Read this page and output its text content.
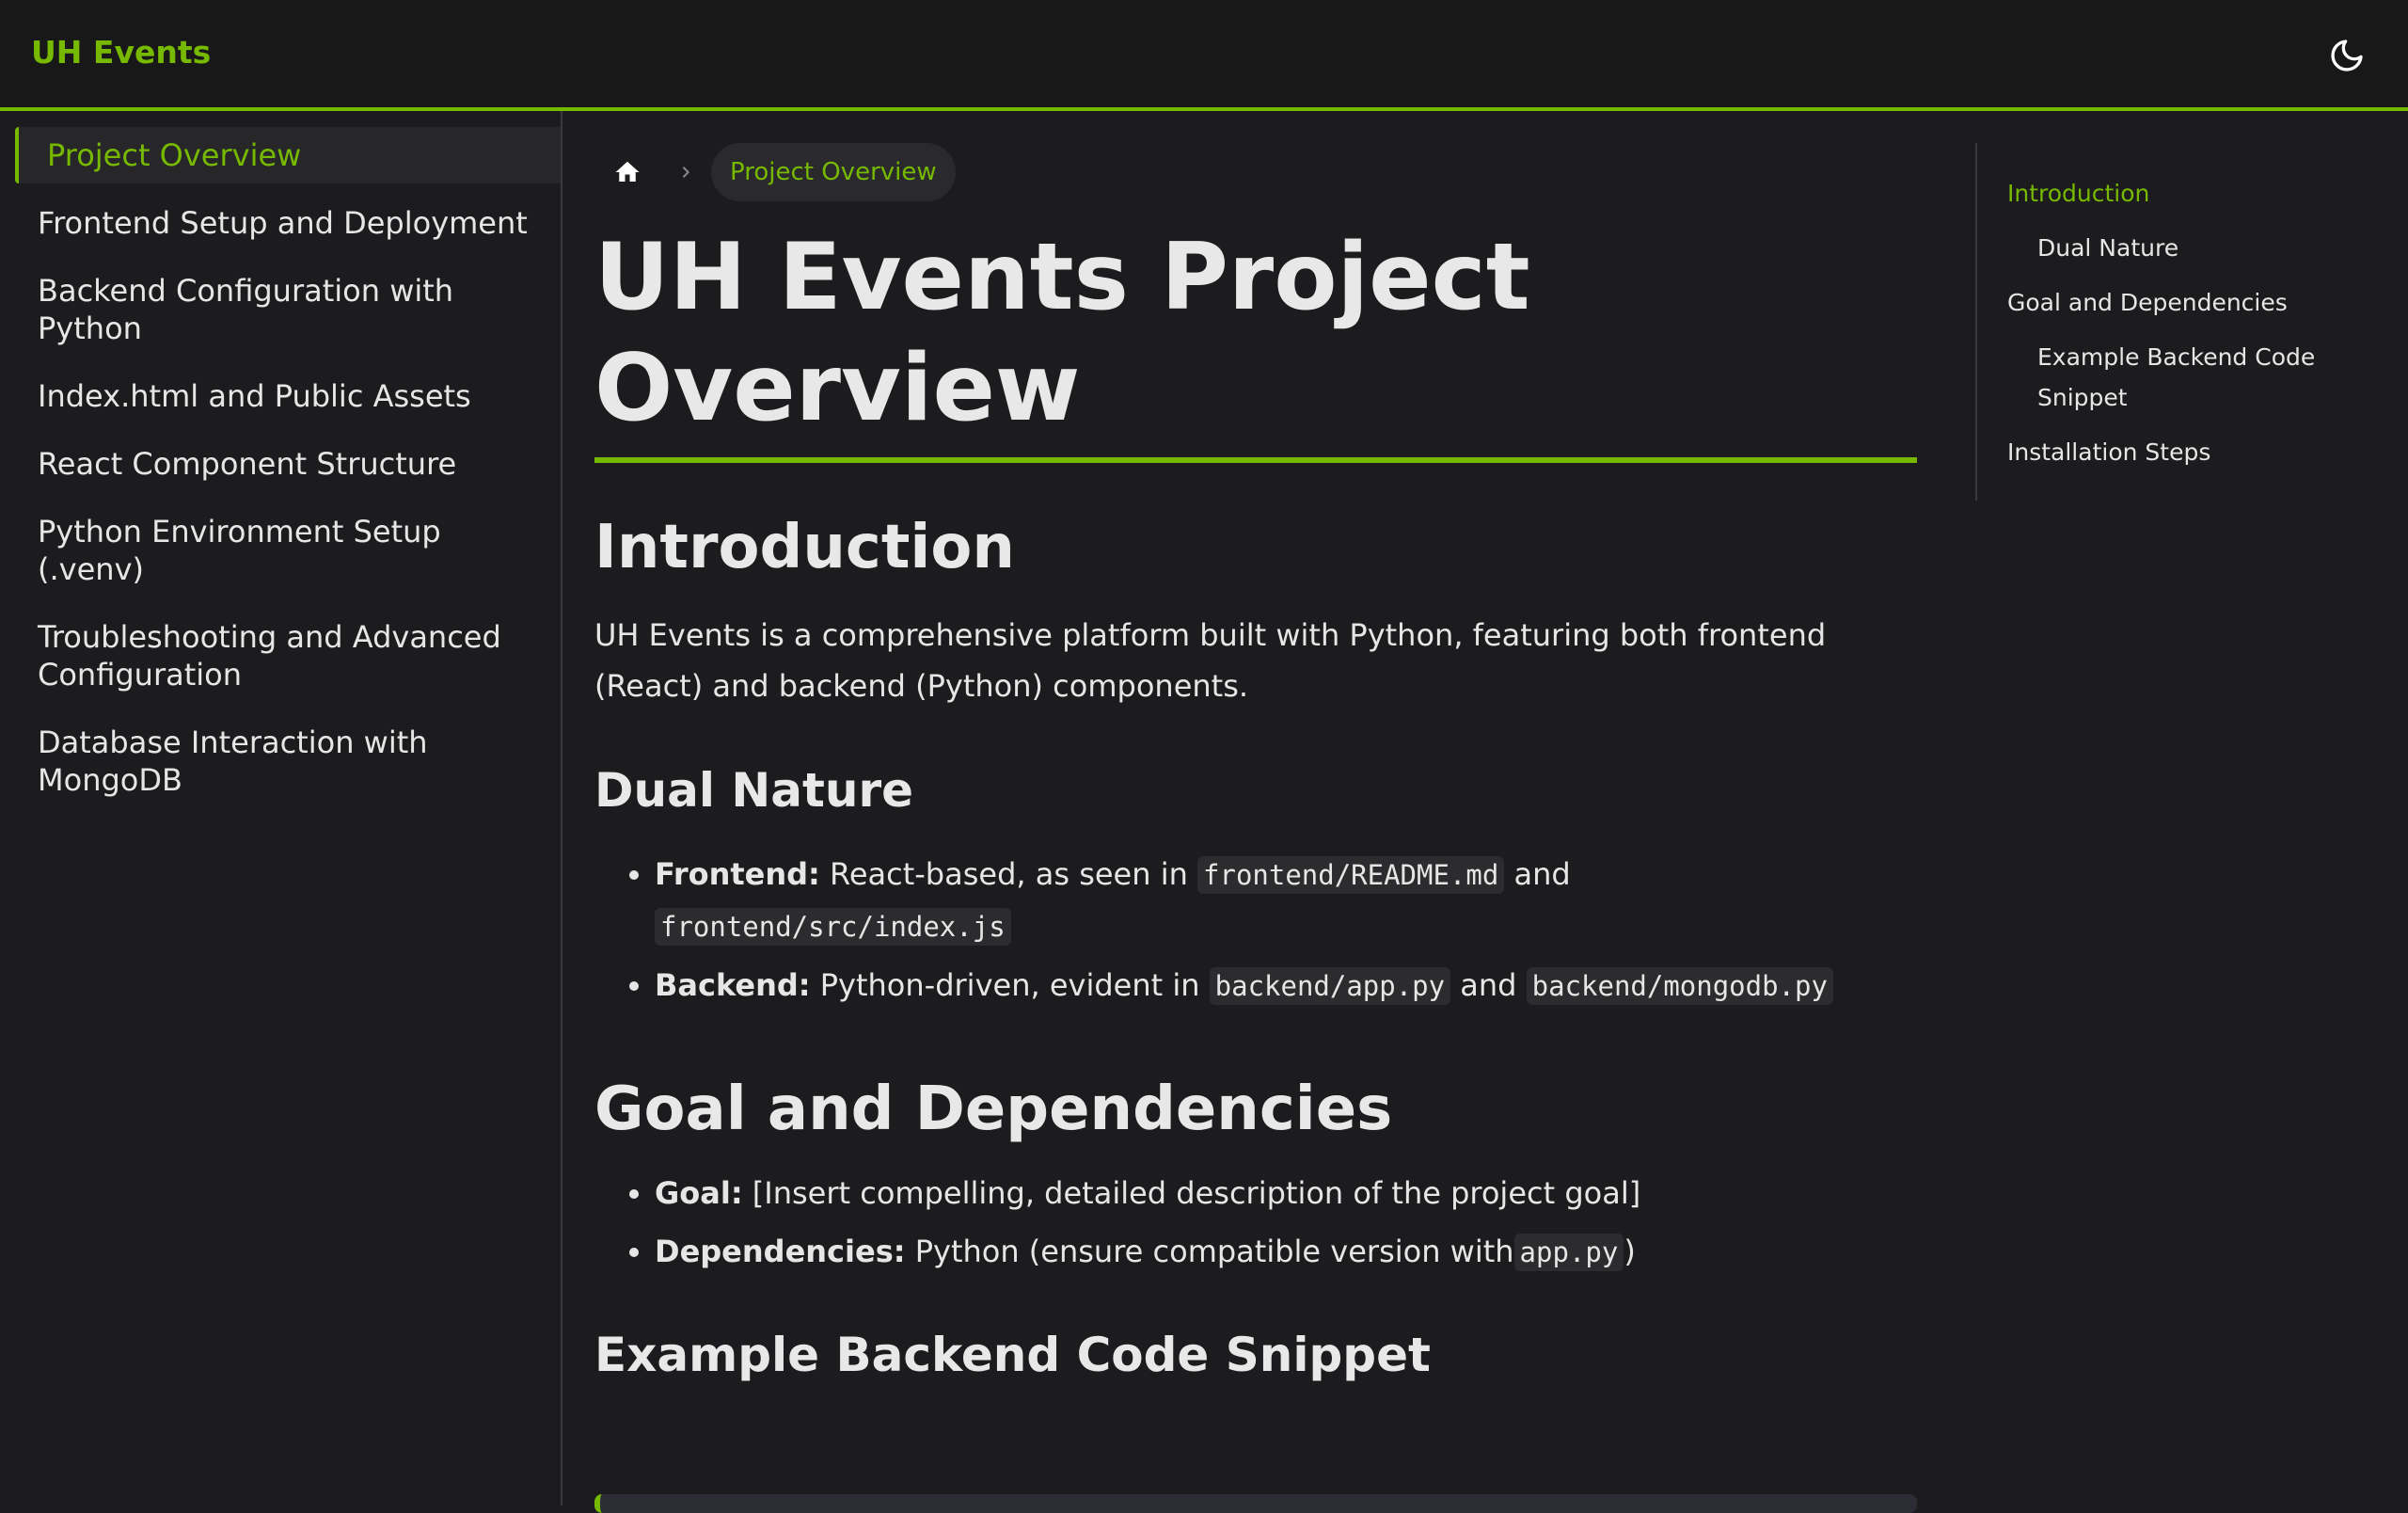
UH Events
Project Overview
Frontend Setup and Deployment
Backend Configuration with Python
Index.html and Public Assets
React Component Structure
Python Environment Setup (.venv)
Troubleshooting and Advanced Configuration
Database Interaction with MongoDB
Project Overview
UH Events Project Overview
Introduction

UH Events is a comprehensive platform built with Python, featuring both frontend (React) and backend (Python) components.

Dual Nature
• Frontend: React-based, as seen in frontend/README.md and frontend/src/index.js
• Backend: Python-driven, evident in backend/app.py and backend/mongodb.py
Goal and Dependencies
• Goal: [Insert compelling, detailed description of the project goal]
• Dependencies: Python (ensure compatible version with app.py )
Example Backend Code Snippet
Introduction
Dual Nature
Goal and Dependencies
Example Backend Code Snippet
Installation Steps
